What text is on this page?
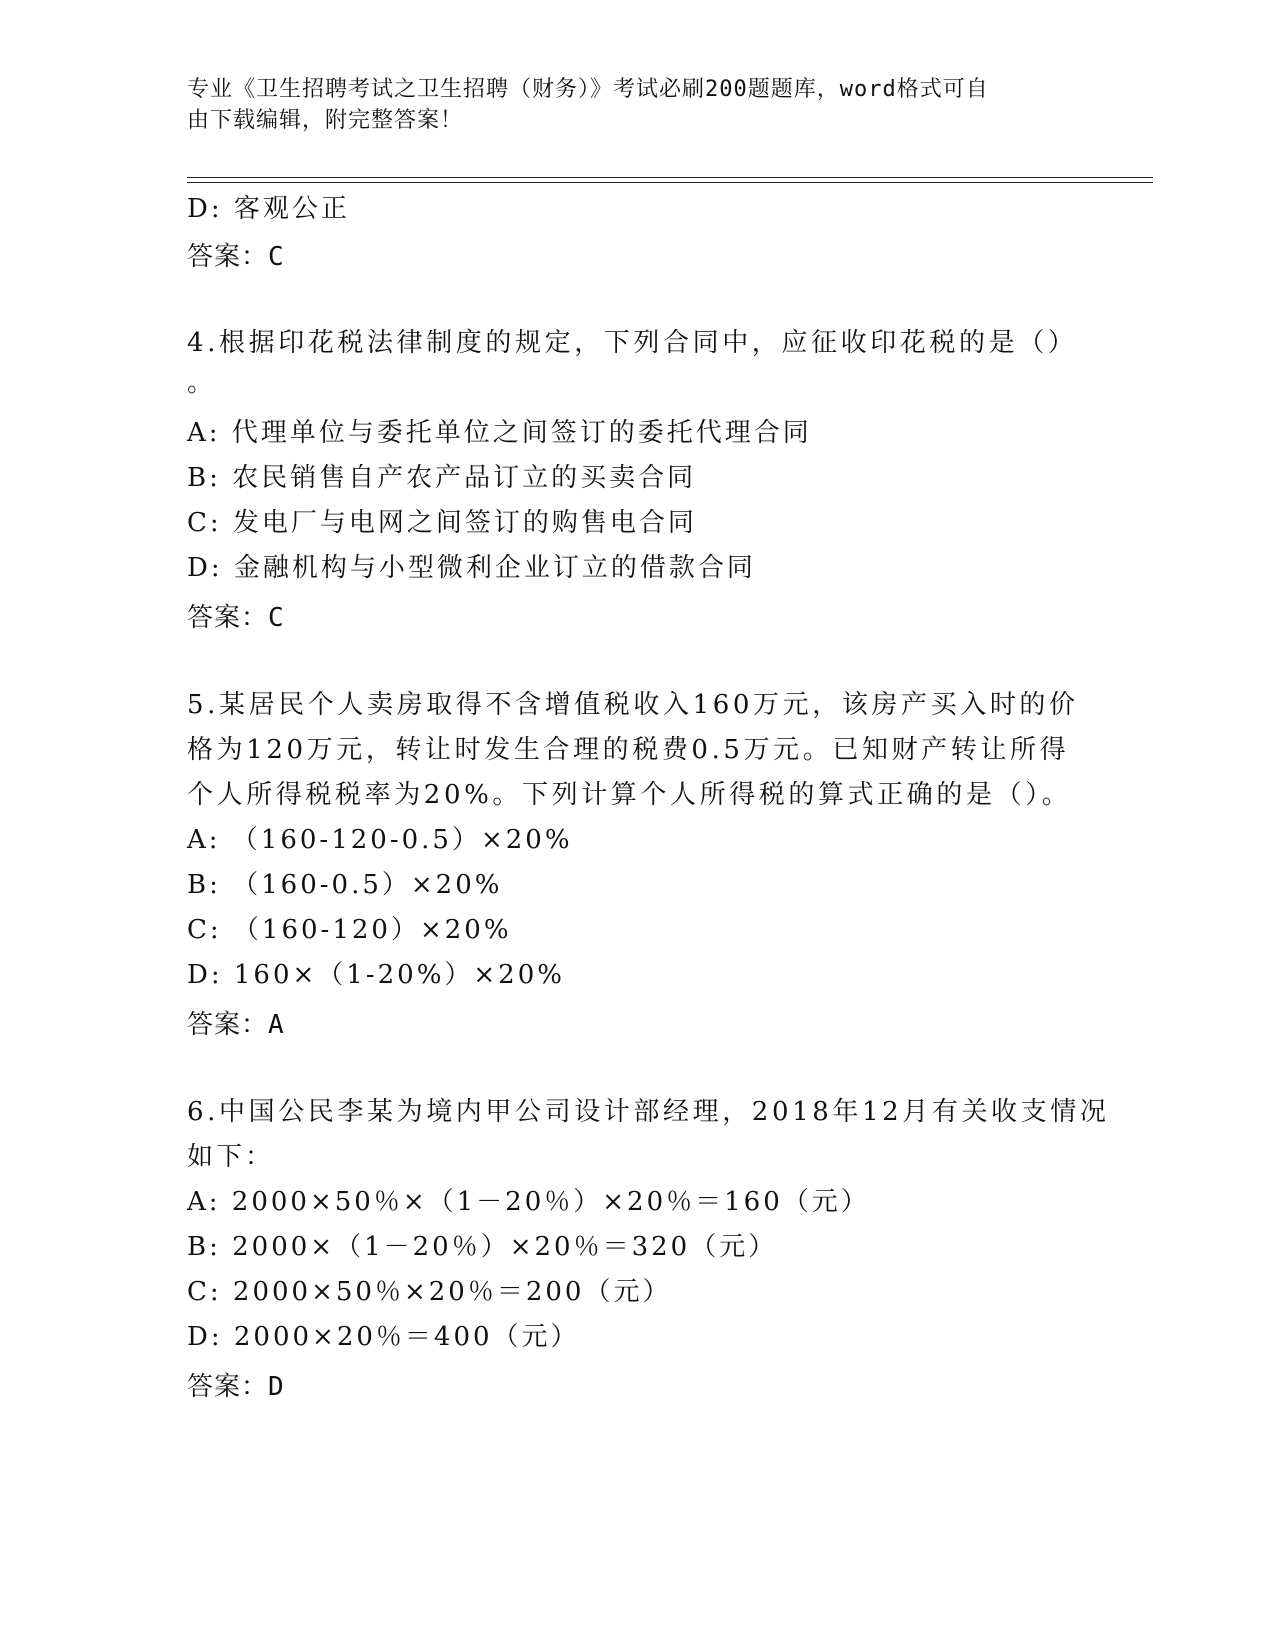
专业《卫生招聘考试之卫生招聘（财务）》考试必刷200题题库，word格式可自
由下载编辑，附完整答案！
D: 客观公正
答案：C
4.根据印花税法律制度的规定，下列合同中，应征收印花税的是（）
。
A: 代理单位与委托单位之间签订的委托代理合同
B: 农民销售自产农产品订立的买卖合同
C: 发电厂与电网之间签订的购售电合同
D: 金融机构与小型微利企业订立的借款合同
答案：C
5.某居民个人卖房取得不含增值税收入160万元，该房产买入时的价
格为120万元，转让时发生合理的税费0.5万元。已知财产转让所得
个人所得税税率为20%。下列计算个人所得税的算式正确的是（）。
A: （160-120-0.5）×20%
B: （160-0.5）×20%
C: （160-120）×20%
D: 160×（1-20%）×20%
答案：A
6.中国公民李某为境内甲公司设计部经理，2018年12月有关收支情况
如下：
A: 2000×50％×（1－20％）×20％＝160（元）
B: 2000×（1－20％）×20％＝320（元）
C: 2000×50％×20％＝200（元）
D: 2000×20％＝400（元）
答案：D
